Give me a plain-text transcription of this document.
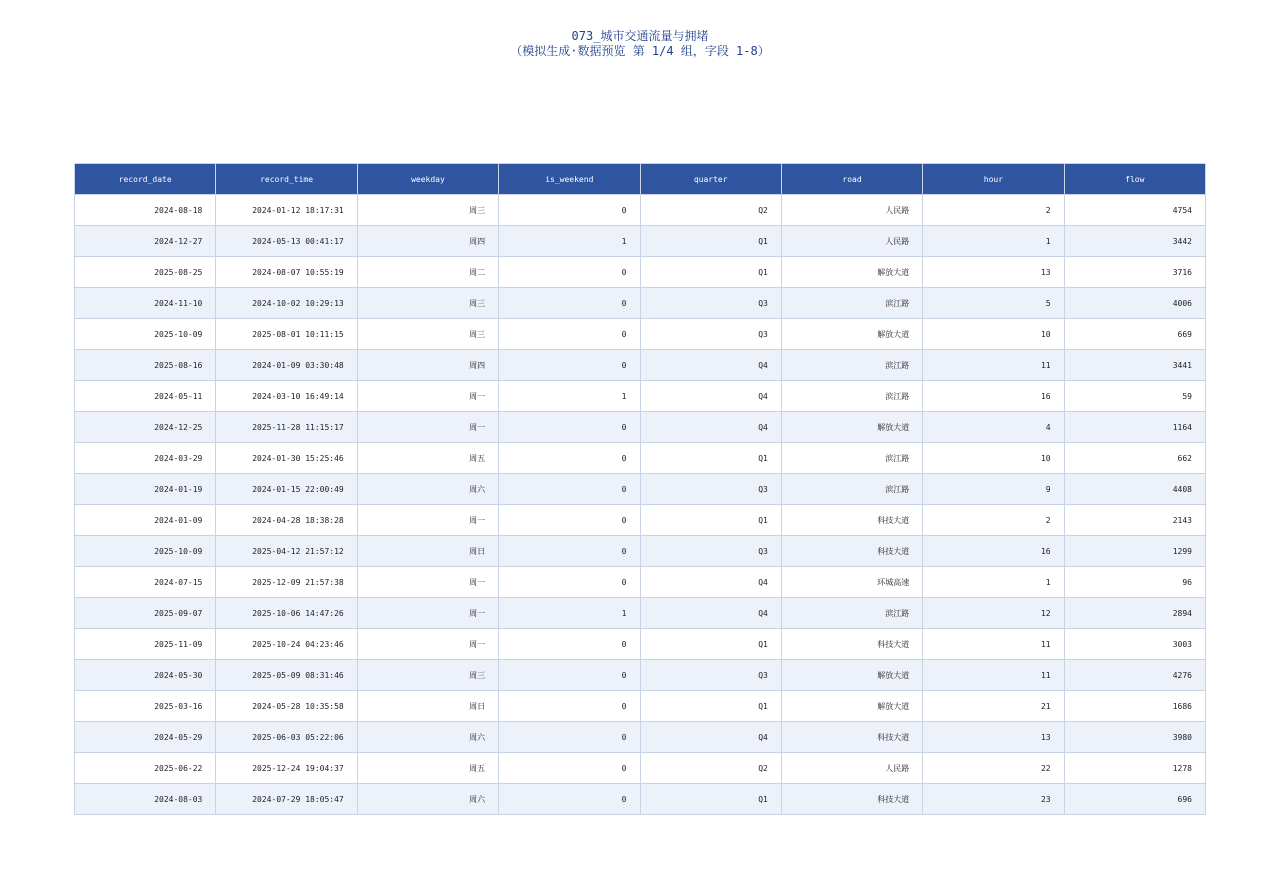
073_城市交通流量与拥堵
（模拟生成·数据预览 第 1/4 组，字段 1-8）
record_date	record_time	weekday	is_weekend	quarter	road	hour	flow
2024-08-18	2024-01-12 18:17:31	周三	0	Q2	人民路	2	4754
2024-12-27	2024-05-13 00:41:17	周四	1	Q1	人民路	1	3442
2025-08-25	2024-08-07 10:55:19	周二	0	Q1	解放大道	13	3716
2024-11-10	2024-10-02 10:29:13	周三	0	Q3	滨江路	5	4006
2025-10-09	2025-08-01 10:11:15	周三	0	Q3	解放大道	10	669
2025-08-16	2024-01-09 03:30:48	周四	0	Q4	滨江路	11	3441
2024-05-11	2024-03-10 16:49:14	周一	1	Q4	滨江路	16	59
2024-12-25	2025-11-28 11:15:17	周一	0	Q4	解放大道	4	1164
2024-03-29	2024-01-30 15:25:46	周五	0	Q1	滨江路	10	662
2024-01-19	2024-01-15 22:00:49	周六	0	Q3	滨江路	9	4408
2024-01-09	2024-04-28 18:38:28	周一	0	Q1	科技大道	2	2143
2025-10-09	2025-04-12 21:57:12	周日	0	Q3	科技大道	16	1299
2024-07-15	2025-12-09 21:57:38	周一	0	Q4	环城高速	1	96
2025-09-07	2025-10-06 14:47:26	周一	1	Q4	滨江路	12	2894
2025-11-09	2025-10-24 04:23:46	周一	0	Q1	科技大道	11	3003
2024-05-30	2025-05-09 08:31:46	周三	0	Q3	解放大道	11	4276
2025-03-16	2024-05-28 10:35:58	周日	0	Q1	解放大道	21	1686
2024-05-29	2025-06-03 05:22:06	周六	0	Q4	科技大道	13	3980
2025-06-22	2025-12-24 19:04:37	周五	0	Q2	人民路	22	1278
2024-08-03	2024-07-29 18:05:47	周六	0	Q1	科技大道	23	696
